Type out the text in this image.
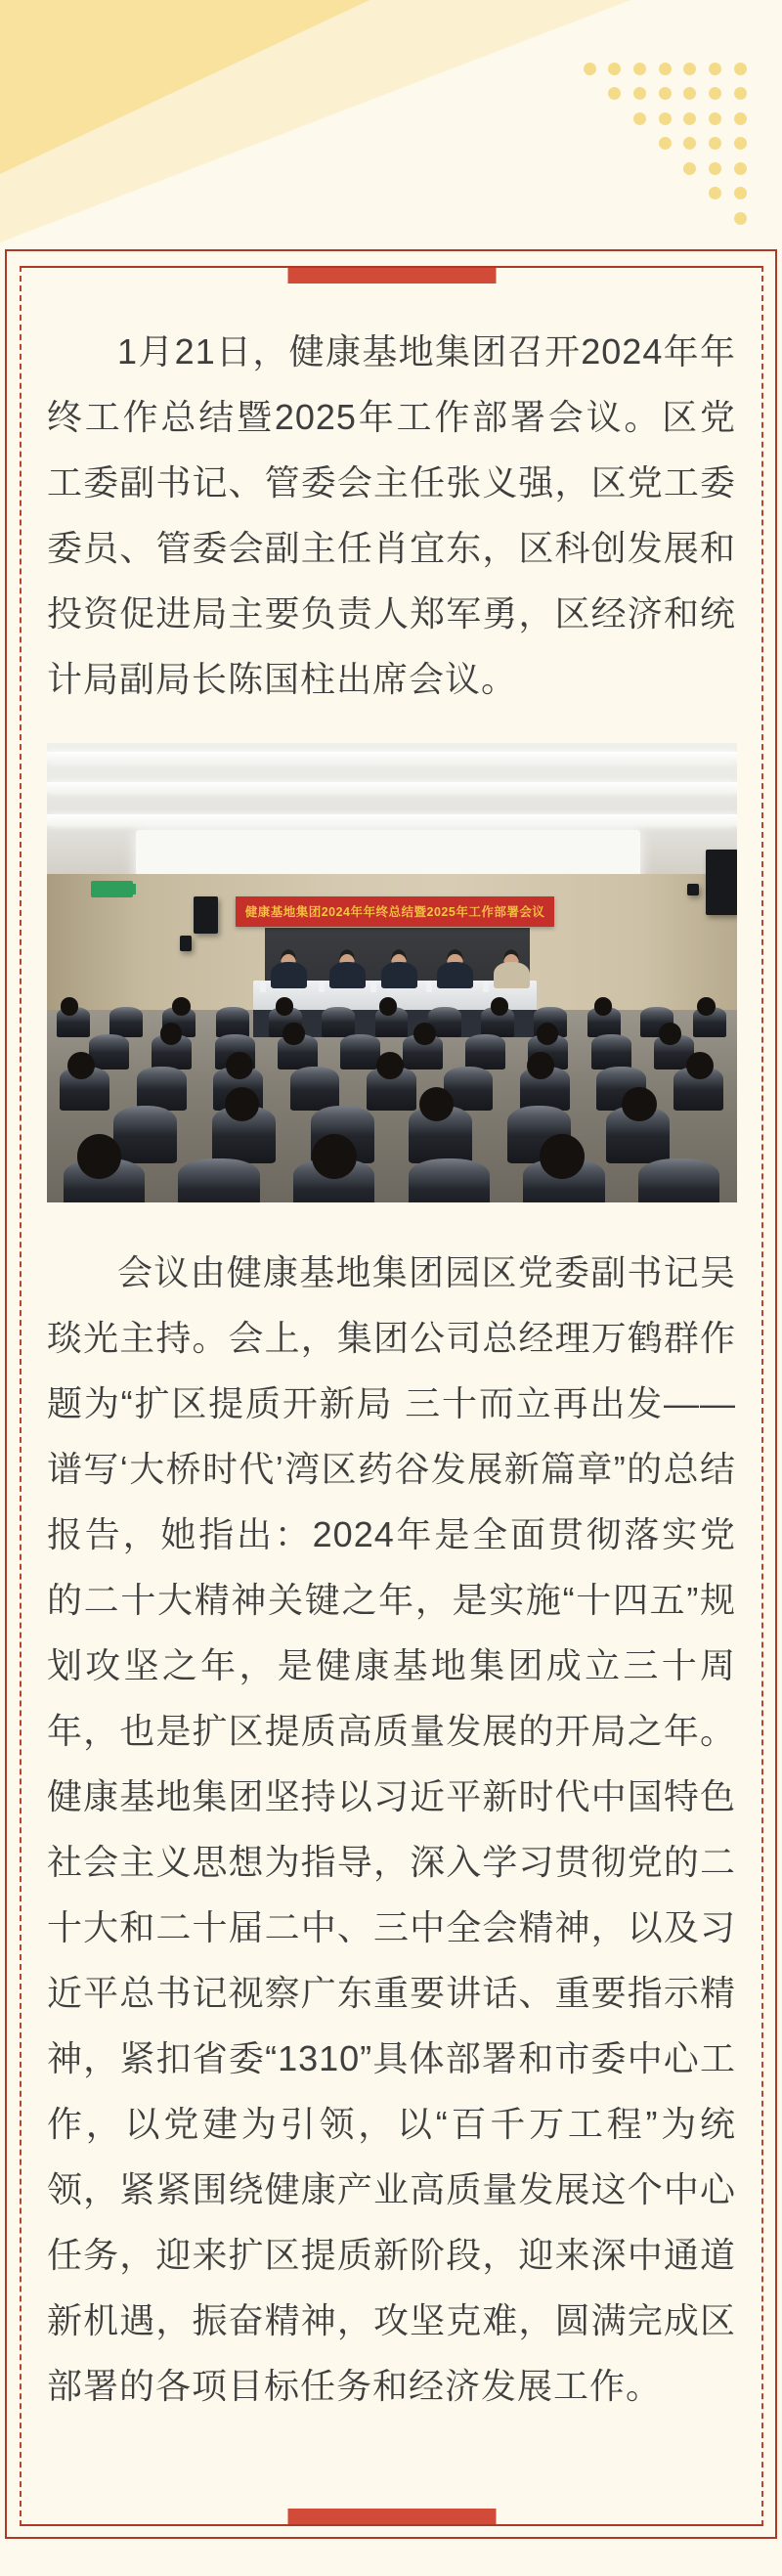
1月21日，健康基地集团召开2024年年终工作总结暨2025年工作部署会议。区党工委副书记、管委会主任张义强，区党工委委员、管委会副主任肖宜东，区科创发展和投资促进局主要负责人郑军勇，区经济和统计局副局长陈国柱出席会议。

健康基地集团2024年年终总结暨2025年工作部署会议

会议由健康基地集团园区党委副书记吴琰光主持。会上，集团公司总经理万鹤群作题为“扩区提质开新局 三十而立再出发——谱写‘大桥时代’湾区药谷发展新篇章”的总结报告，她指出：2024年是全面贯彻落实党的二十大精神关键之年，是实施“十四五”规划攻坚之年，是健康基地集团成立三十周年，也是扩区提质高质量发展的开局之年。健康基地集团坚持以习近平新时代中国特色社会主义思想为指导，深入学习贯彻党的二十大和二十届二中、三中全会精神，以及习近平总书记视察广东重要讲话、重要指示精神，紧扣省委“1310”具体部署和市委中心工作，以党建为引领，以“百千万工程”为统领，紧紧围绕健康产业高质量发展这个中心任务，迎来扩区提质新阶段，迎来深中通道新机遇，振奋精神，攻坚克难，圆满完成区部署的各项目标任务和经济发展工作。
